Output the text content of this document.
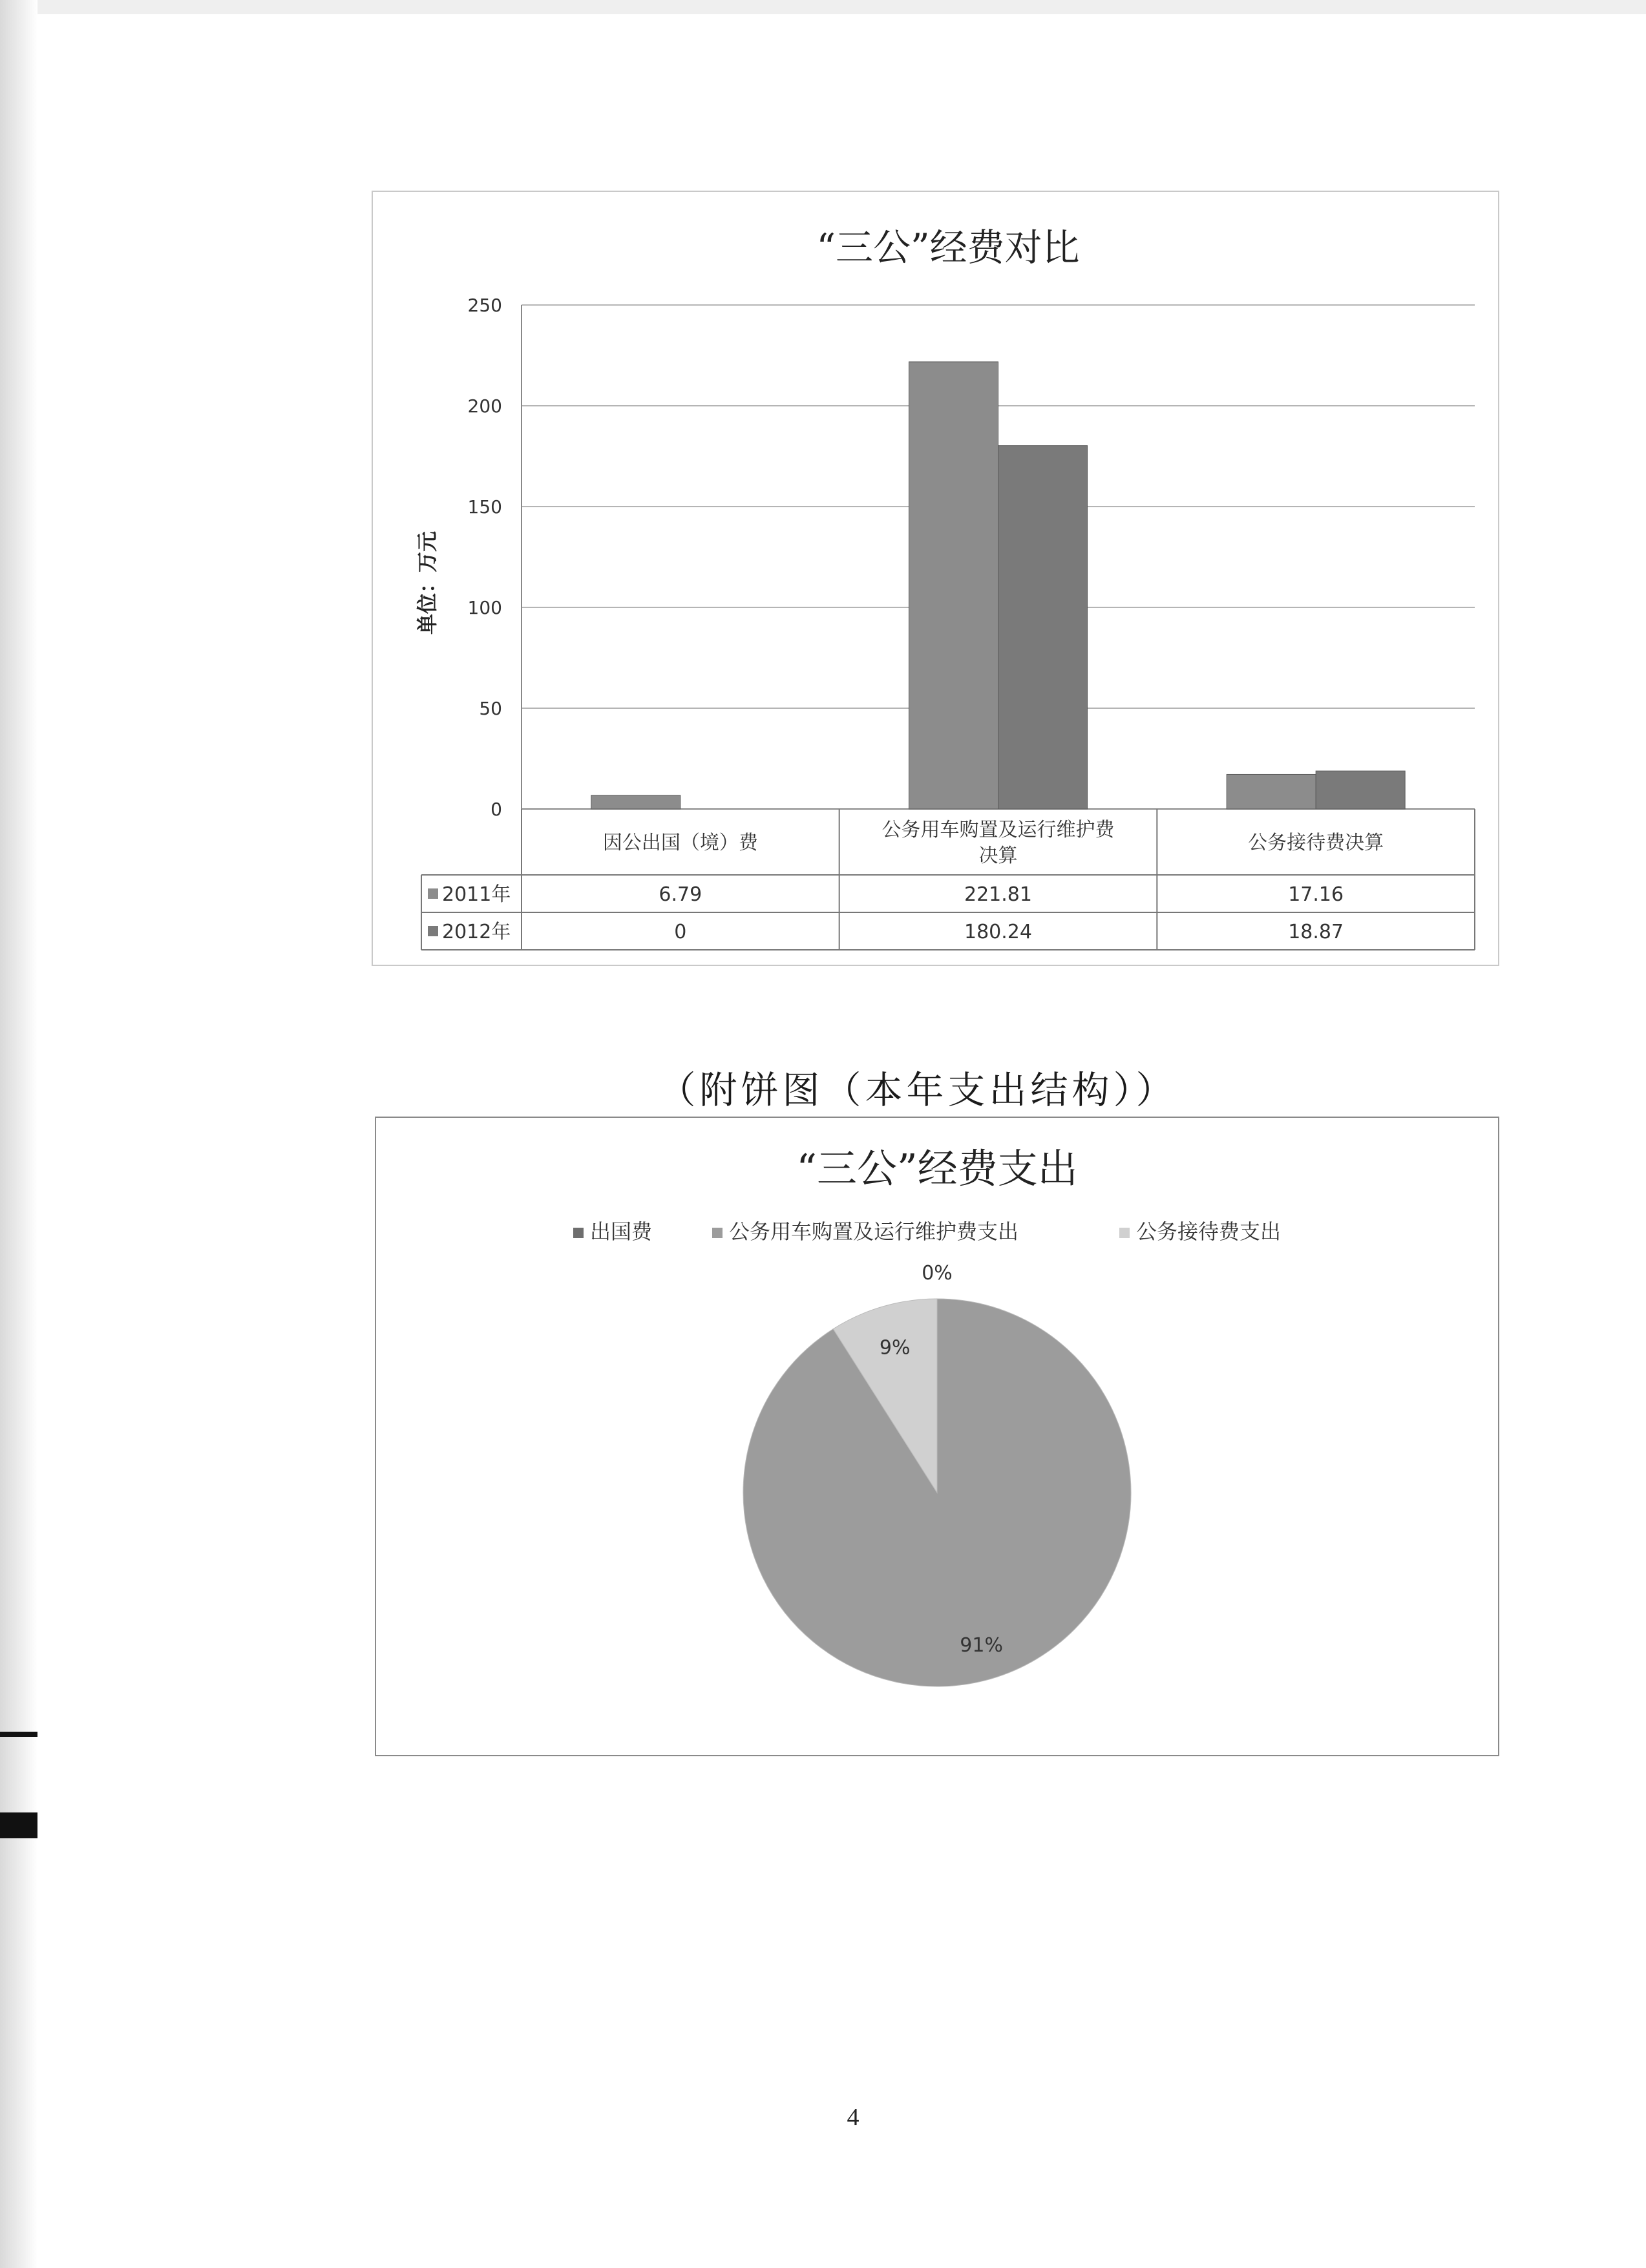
“三公”经费对比
单位：万元
0
50
100
150
200
250
因公出国（境）费
公务用车购置及运行维护费
决算
公务接待费决算
2011年	6.79	221.81	17.16
2012年	0	180.24	18.87
（附饼图（本年支出结构））
“三公”经费支出
出国费	公务用车购置及运行维护费支出	公务接待费支出
0%
91%
9%
4
